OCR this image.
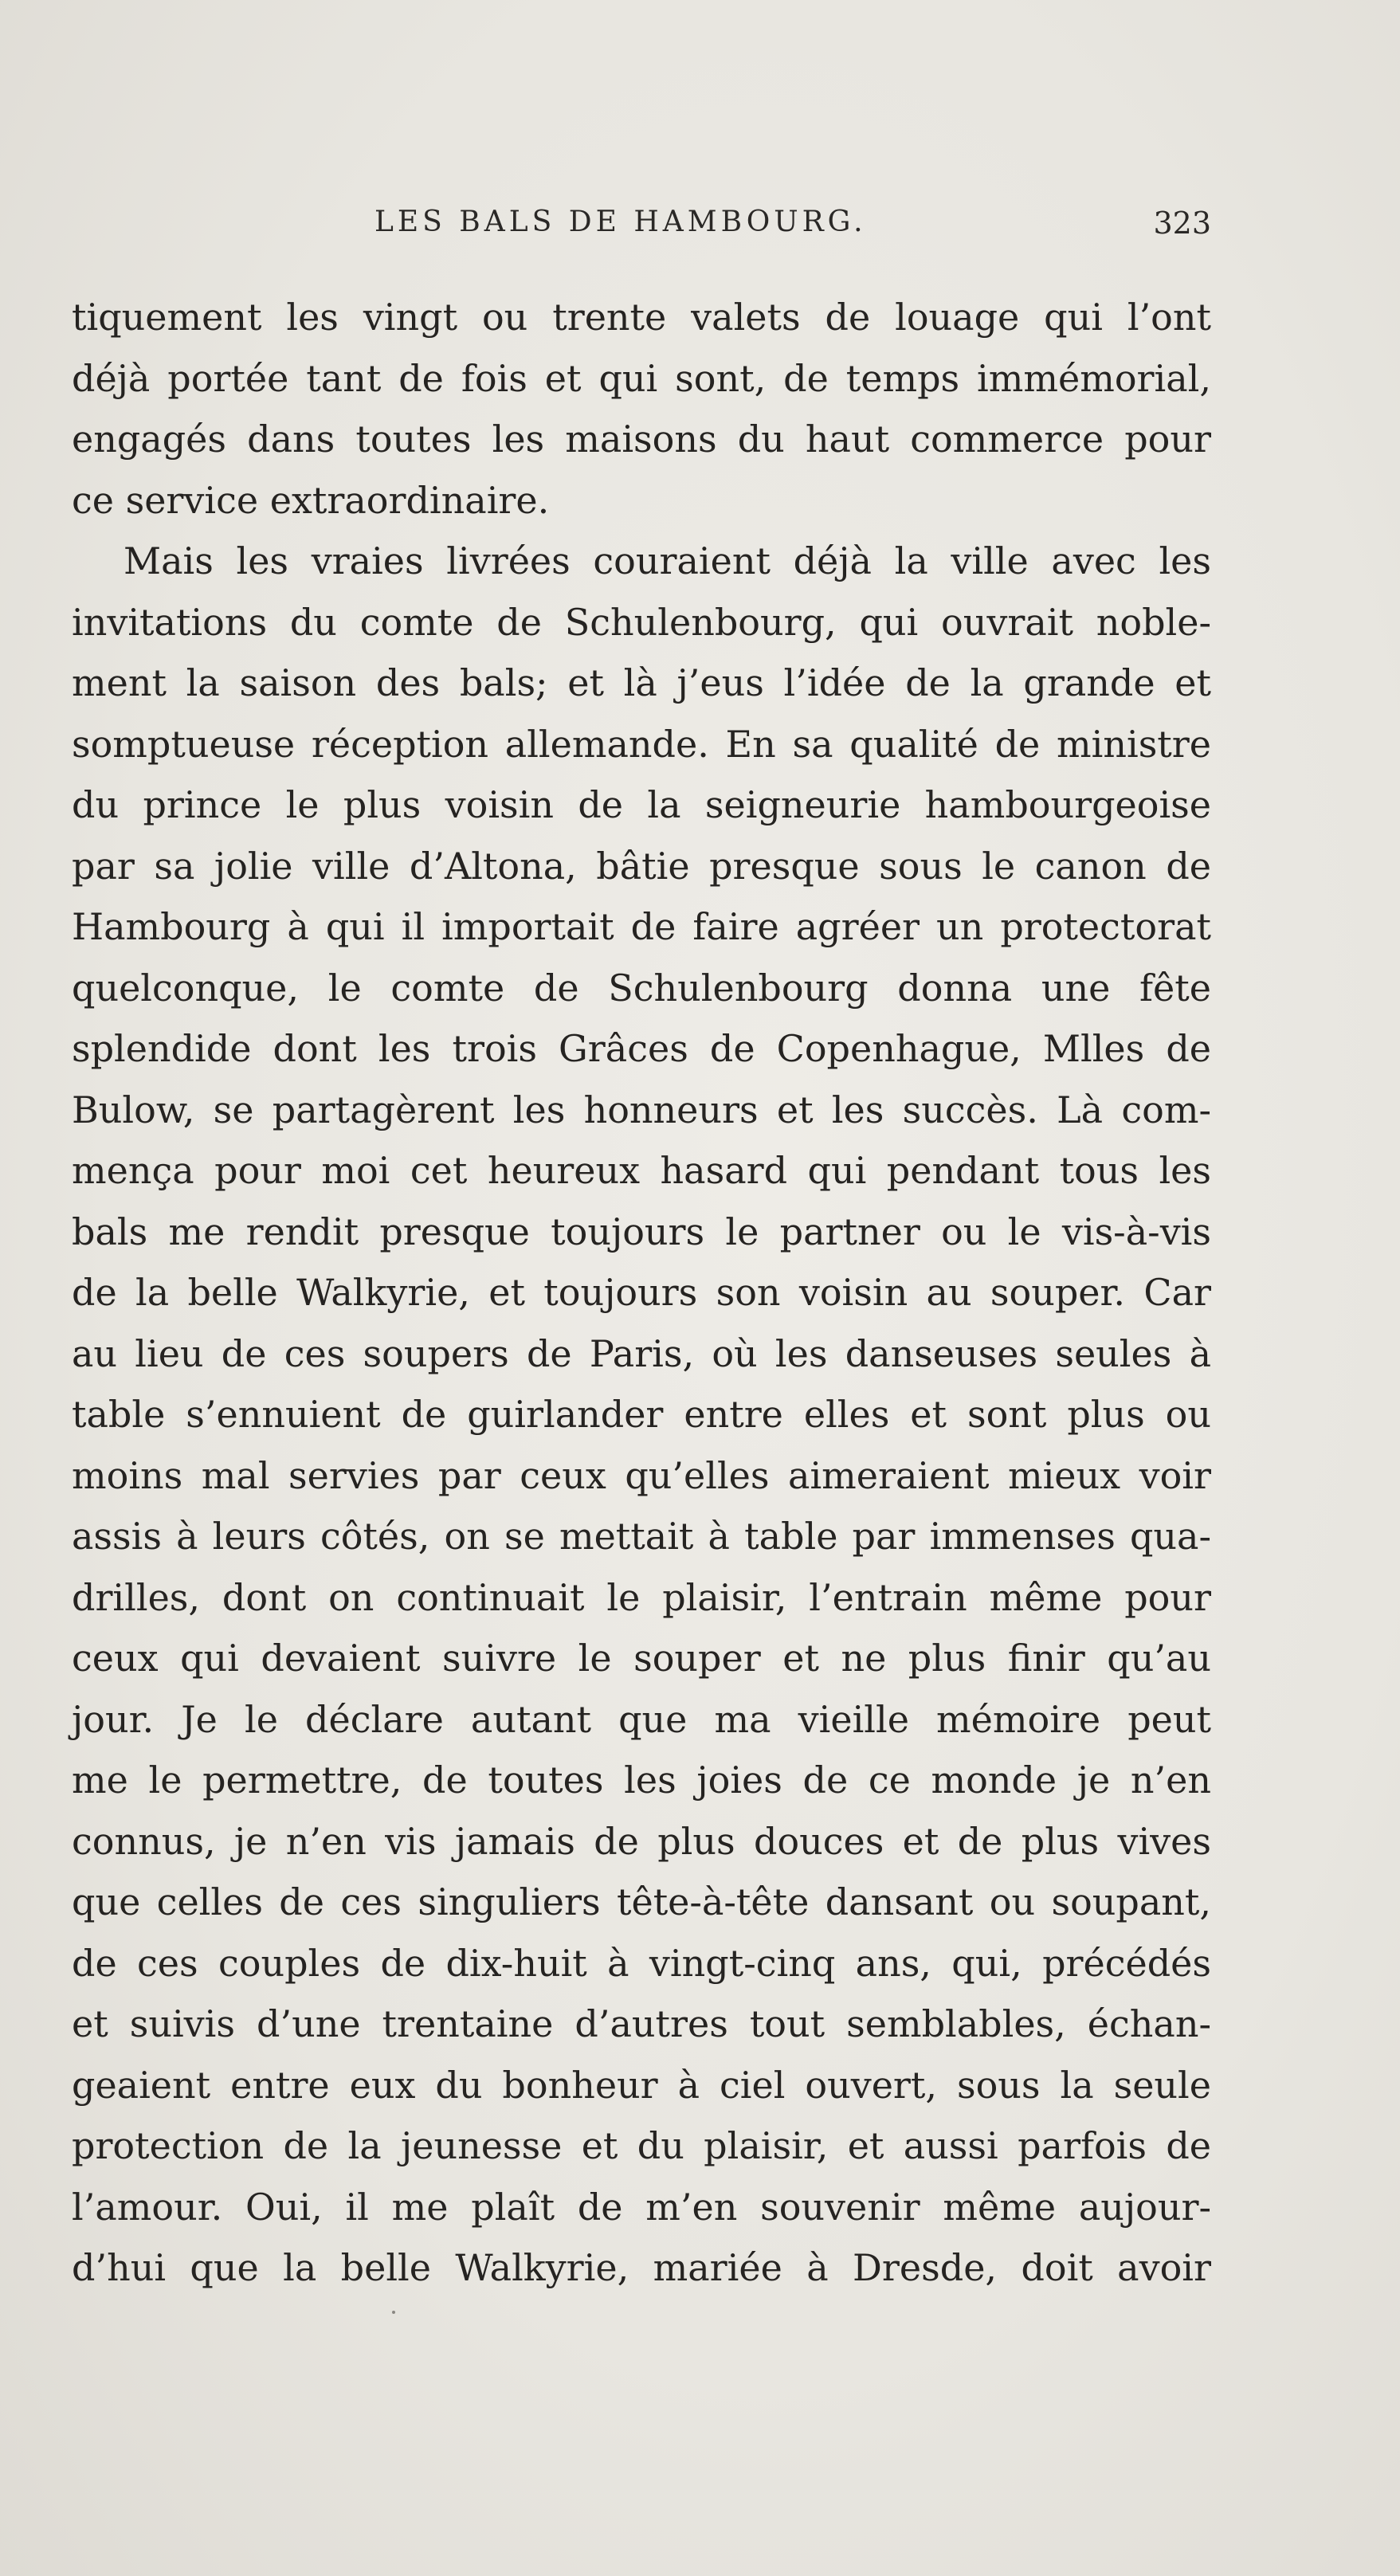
LES BALS DE HAMBOURG.	323
tiquement les vingt ou trente valets de louage qui l’ont
déjà portée tant de fois et qui sont, de temps immémorial,
engagés dans toutes les maisons du haut commerce pour
ce service extraordinaire.
Mais les vraies livrées couraient déjà la ville avec les
invitations du comte de Schulenbourg, qui ouvrait noble-
ment la saison des bals; et là j’eus l’idée de la grande et
somptueuse réception allemande. En sa qualité de ministre
du prince le plus voisin de la seigneurie hambourgeoise
par sa jolie ville d’Altona, bâtie presque sous le canon de
Hambourg à qui il importait de faire agréer un protectorat
quelconque, le comte de Schulenbourg donna une fête
splendide dont les trois Grâces de Copenhague, Mlles de
Bulow, se partagèrent les honneurs et les succès. Là com-
mença pour moi cet heureux hasard qui pendant tous les
bals me rendit presque toujours le partner ou le vis-à-vis
de la belle Walkyrie, et toujours son voisin au souper. Car
au lieu de ces soupers de Paris, où les danseuses seules à
table s’ennuient de guirlander entre elles et sont plus ou
moins mal servies par ceux qu’elles aimeraient mieux voir
assis à leurs côtés, on se mettait à table par immenses qua-
drilles, dont on continuait le plaisir, l’entrain même pour
ceux qui devaient suivre le souper et ne plus finir qu’au
jour. Je le déclare autant que ma vieille mémoire peut
me le permettre, de toutes les joies de ce monde je n’en
connus, je n’en vis jamais de plus douces et de plus vives
que celles de ces singuliers tête-à-tête dansant ou soupant,
de ces couples de dix-huit à vingt-cinq ans, qui, précédés
et suivis d’une trentaine d’autres tout semblables, échan-
geaient entre eux du bonheur à ciel ouvert, sous la seule
protection de la jeunesse et du plaisir, et aussi parfois de
l’amour. Oui, il me plaît de m’en souvenir même aujour-
d’hui que la belle Walkyrie, mariée à Dresde, doit avoir
